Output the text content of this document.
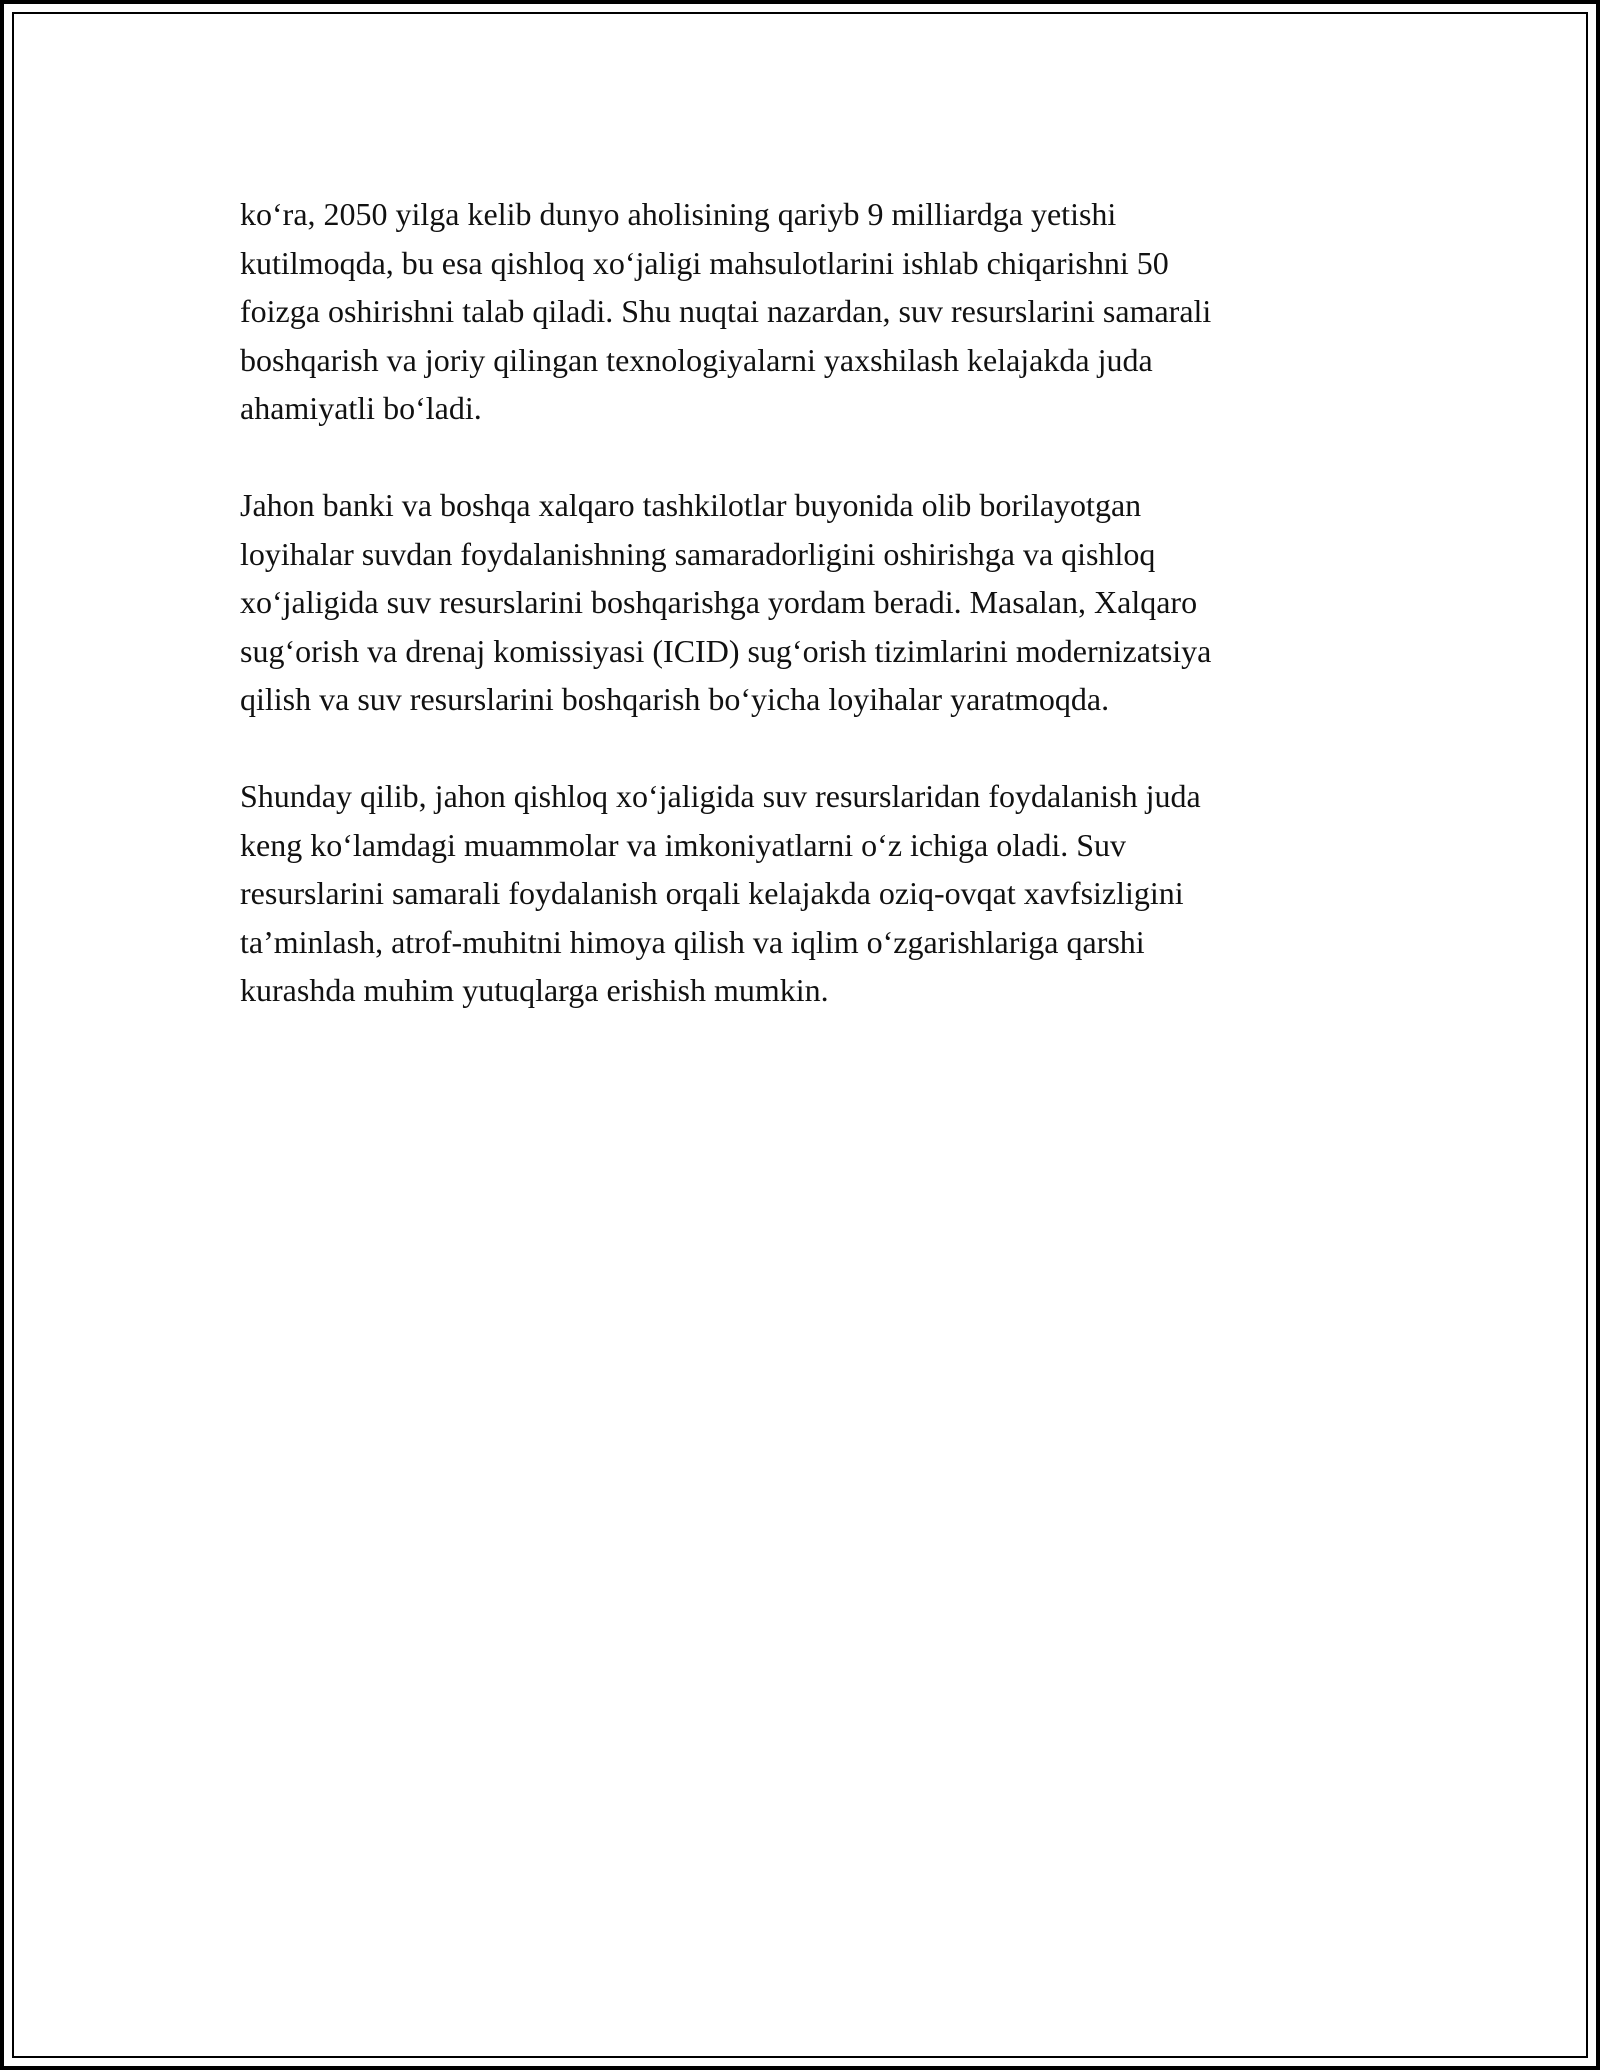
ko‘ra, 2050 yilga kelib dunyo aholisining qariyb 9 milliardga yetishi
kutilmoqda, bu esa qishloq xo‘jaligi mahsulotlarini ishlab chiqarishni 50
foizga oshirishni talab qiladi. Shu nuqtai nazardan, suv resurslarini samarali
boshqarish va joriy qilingan texnologiyalarni yaxshilash kelajakda juda
ahamiyatli bo‘ladi.

Jahon banki va boshqa xalqaro tashkilotlar buyonida olib borilayotgan
loyihalar suvdan foydalanishning samaradorligini oshirishga va qishloq
xo‘jaligida suv resurslarini boshqarishga yordam beradi. Masalan, Xalqaro
sug‘orish va drenaj komissiyasi (ICID) sug‘orish tizimlarini modernizatsiya
qilish va suv resurslarini boshqarish bo‘yicha loyihalar yaratmoqda.

Shunday qilib, jahon qishloq xo‘jaligida suv resurslaridan foydalanish juda
keng ko‘lamdagi muammolar va imkoniyatlarni o‘z ichiga oladi. Suv
resurslarini samarali foydalanish orqali kelajakda oziq-ovqat xavfsizligini
ta’minlash, atrof-muhitni himoya qilish va iqlim o‘zgarishlariga qarshi
kurashda muhim yutuqlarga erishish mumkin.
